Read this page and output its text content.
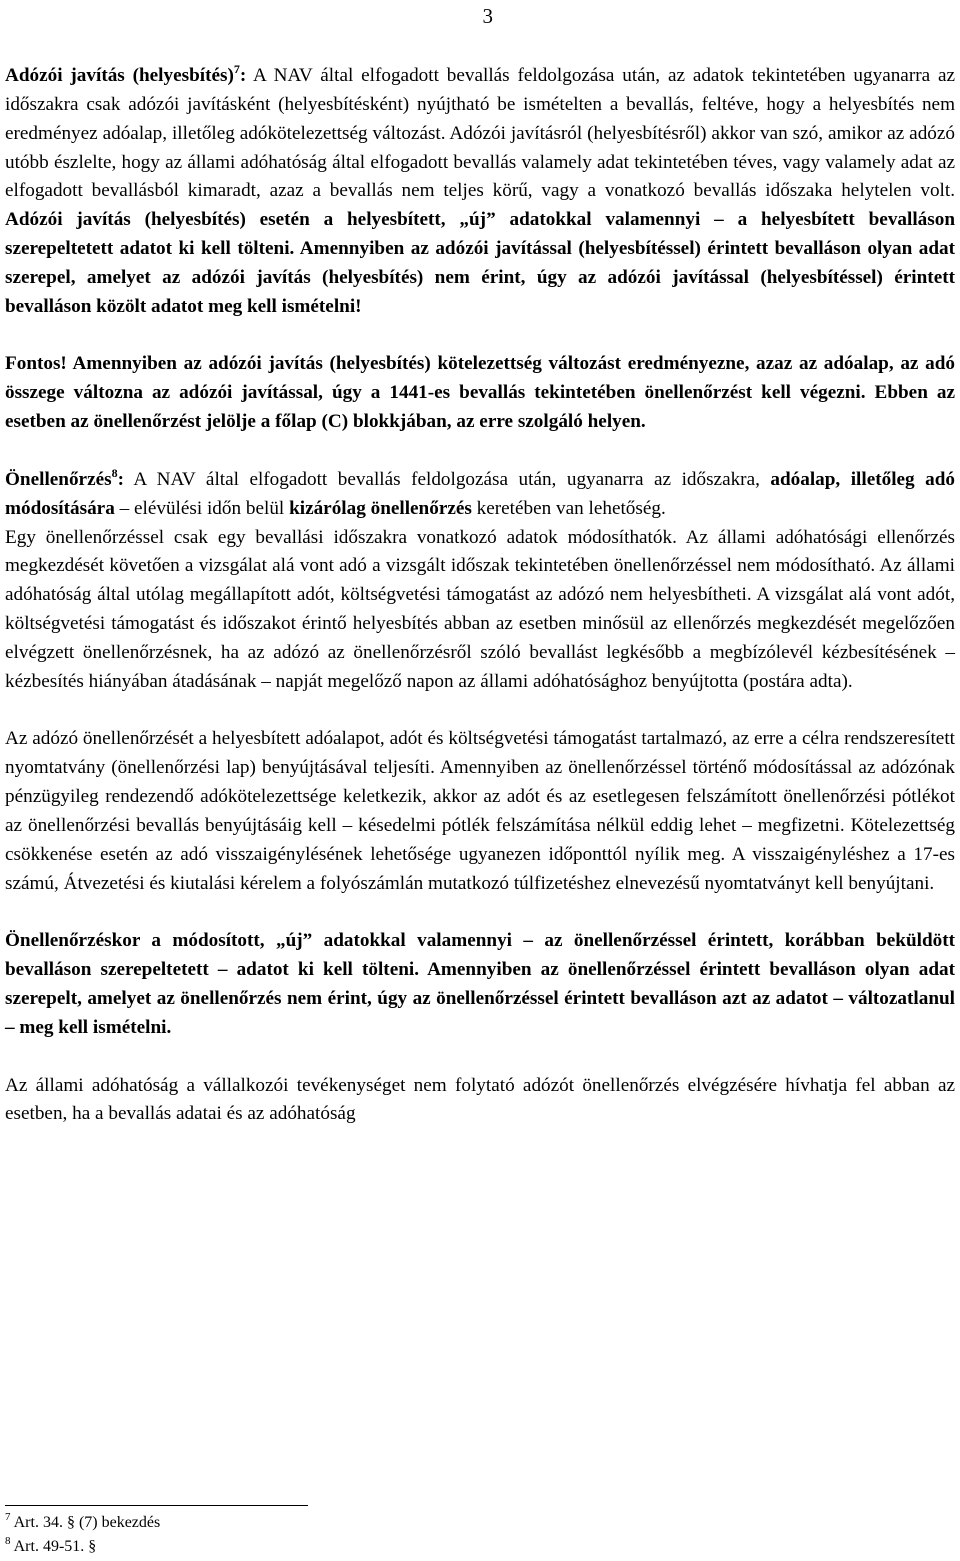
3

Adózói javítás (helyesbítés)$^7$: A NAV által elfogadott bevallás feldolgozása után, az adatok tekintetében ugyanarra az időszakra csak adózói javításként (helyesbítésként) nyújtható be ismételten a bevallás, feltéve, hogy a helyesbítés nem eredményez adóalap, illetőleg adókötelezettség változást. Adózói javításról (helyesbítésről) akkor van szó, amikor az adózó utóbb észlelte, hogy az állami adóhatóság által elfogadott bevallás valamely adat tekintetében téves, vagy valamely adat az elfogadott bevallásból kimaradt, azaz a bevallás nem teljes körű, vagy a vonatkozó bevallás időszaka helytelen volt. Adózói javítás (helyesbítés) esetén a helyesbített, „új” adatokkal valamennyi – a helyesbített bevalláson szerepeltetett adatot ki kell tölteni. Amennyiben az adózói javítással (helyesbítéssel) érintett bevalláson olyan adat szerepel, amelyet az adózói javítás (helyesbítés) nem érint, úgy az adózói javítással (helyesbítéssel) érintett bevalláson közölt adatot meg kell ismételni!

Fontos! Amennyiben az adózói javítás (helyesbítés) kötelezettség változást eredményezne, azaz az adóalap, az adó összege változna az adózói javítással, úgy a 1441-es bevallás tekintetében önellenőrzést kell végezni. Ebben az esetben az önellenőrzést jelölje a főlap (C) blokkjában, az erre szolgáló helyen.

Önellenőrzés$^8$: A NAV által elfogadott bevallás feldolgozása után, ugyanarra az időszakra, adóalap, illetőleg adó módosítására – elévülési időn belül kizárólag önellenőrzés keretében van lehetőség.

Egy önellenőrzéssel csak egy bevallási időszakra vonatkozó adatok módosíthatók. Az állami adóhatósági ellenőrzés megkezdését követően a vizsgálat alá vont adó a vizsgált időszak tekintetében önellenőrzéssel nem módosítható. Az állami adóhatóság által utólag megállapított adót, költségvetési támogatást az adózó nem helyesbítheti. A vizsgálat alá vont adót, költségvetési támogatást és időszakot érintő helyesbítés abban az esetben minősül az ellenőrzés megkezdését megelőzően elvégzett önellenőrzésnek, ha az adózó az önellenőrzésről szóló bevallást legkésőbb a megbízólevél kézbesítésének – kézbesítés hiányában átadásának – napját megelőző napon az állami adóhatósághoz benyújtotta (postára adta).

Az adózó önellenőrzését a helyesbített adóalapot, adót és költségvetési támogatást tartalmazó, az erre a célra rendszeresített nyomtatvány (önellenőrzési lap) benyújtásával teljesíti. Amennyiben az önellenőrzéssel történő módosítással az adózónak pénzügyileg rendezendő adókötelezettsége keletkezik, akkor az adót és az esetlegesen felszámított önellenőrzési pótlékot az önellenőrzési bevallás benyújtásáig kell – késedelmi pótlék felszámítása nélkül eddig lehet – megfizetni. Kötelezettség csökkenése esetén az adó visszaigénylésének lehetősége ugyanezen időponttól nyílik meg. A visszaigényléshez a 17-es számú, Átvezetési és kiutalási kérelem a folyószámlán mutatkozó túlfizetéshez elnevezésű nyomtatványt kell benyújtani.

Önellenőrzéskor a módosított, „új” adatokkal valamennyi – az önellenőrzéssel érintett, korábban beküldött bevalláson szerepeltetett – adatot ki kell tölteni. Amennyiben az önellenőrzéssel érintett bevalláson olyan adat szerepelt, amelyet az önellenőrzés nem érint, úgy az önellenőrzéssel érintett bevalláson azt az adatot – változatlanul – meg kell ismételni.

Az állami adóhatóság a vállalkozói tevékenységet nem folytató adózót önellenőrzés elvégzésére hívhatja fel abban az esetben, ha a bevallás adatai és az adóhatóság

$^7$ Art. 34. § (7) bekezdés
$^8$ Art. 49-51. §
